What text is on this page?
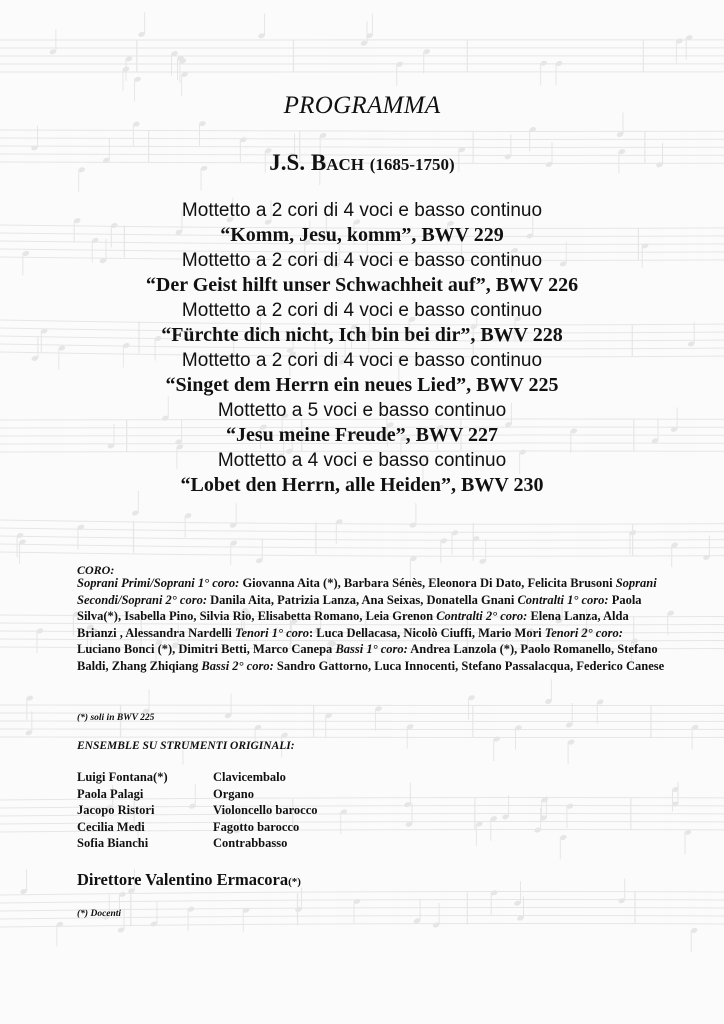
PROGRAMMA
J.S. BACH (1685-1750)
Mottetto a 2 cori di 4 voci e basso continuo
“Komm, Jesu, komm”, BWV 229
Mottetto a 2 cori di 4 voci e basso continuo
“Der Geist hilft unser Schwachheit auf”, BWV 226
Mottetto a 2 cori di 4 voci e basso continuo
“Fürchte dich nicht, Ich bin bei dir”, BWV 228
Mottetto a 2 cori di 4 voci e basso continuo
“Singet dem Herrn ein neues Lied”, BWV 225
Mottetto a 5 voci e basso continuo
“Jesu meine Freude”, BWV 227
Mottetto a 4 voci e basso continuo
“Lobet den Herrn, alle Heiden”, BWV 230
CORO:
Soprani Primi/Soprani 1° coro: Giovanna Aita (*), Barbara Sénès, Eleonora Di Dato, Felicita Brusoni Soprani Secondi/Soprani 2° coro: Danila Aita, Patrizia Lanza, Ana Seixas, Donatella Gnani Contralti 1° coro: Paola Silva(*), Isabella Pino, Silvia Rio, Elisabetta Romano, Leia Grenon Contralti 2° coro: Elena Lanza, Alda Brianzi , Alessandra Nardelli Tenori 1° coro: Luca Dellacasa, Nicolò Ciuffi, Mario Mori Tenori 2° coro: Luciano Bonci (*), Dimitri Betti, Marco Canepa Bassi 1° coro: Andrea Lanzola (*), Paolo Romanello, Stefano Baldi, Zhang Zhiqiang Bassi 2° coro: Sandro Gattorno, Luca Innocenti, Stefano Passalacqua, Federico Canese
(*) soli in BWV 225
ENSEMBLE SU STRUMENTI ORIGINALI:
Luigi Fontana(*)	Clavicembalo
Paola Palagi	Organo
Jacopo Ristori	Violoncello barocco
Cecilia Medi	Fagotto barocco
Sofia Bianchi	Contrabbasso
Direttore Valentino Ermacora(*)
(*) Docenti
